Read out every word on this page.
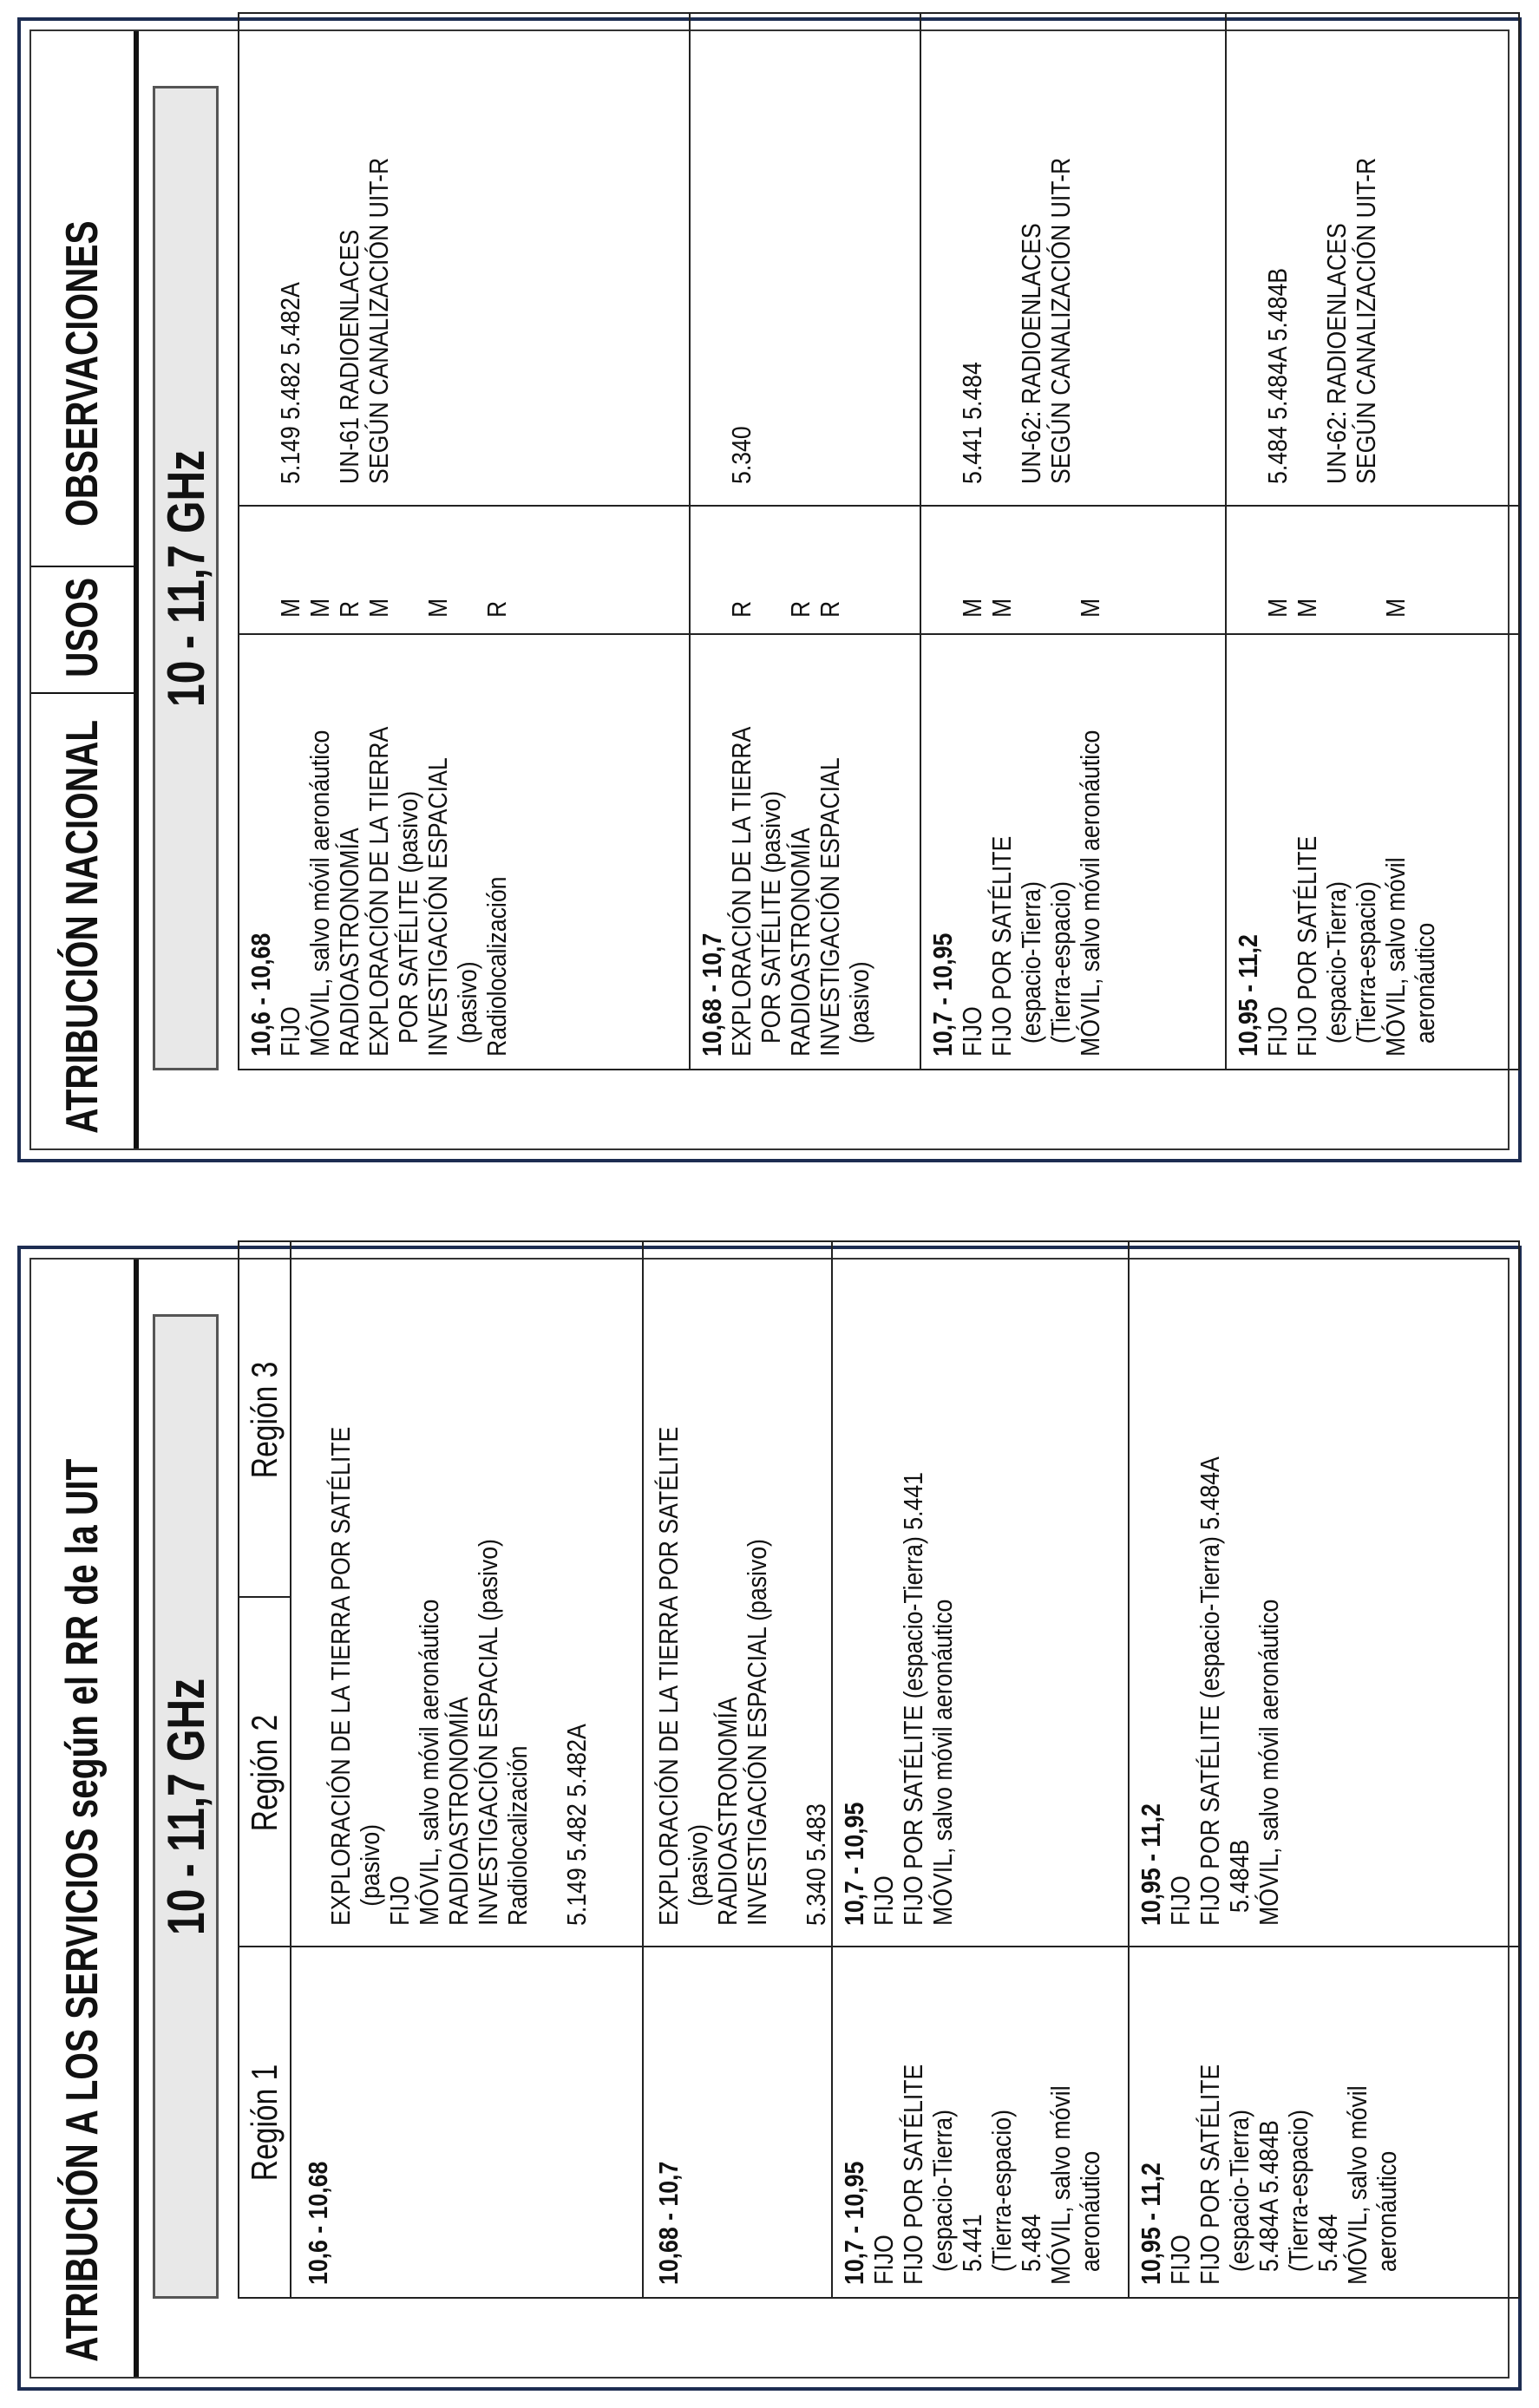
ATRIBUCIÓN A LOS SERVICIOS según el RR de la UIT 10 - 11,7 GHz
Región 1
Región 2
Región 3
10,6 - 10,68
EXPLORACIÓN DE LA TIERRA POR SATÉLITE (pasivo) FIJO MÓVIL, salvo móvil aeronáutico RADIOASTRONOMÍA INVESTIGACIÓN ESPACIAL (pasivo) Radiolocalización 5.149 5.482 5.482A
10,68 - 10,7
EXPLORACIÓN DE LA TIERRA POR SATÉLITE (pasivo) RADIOASTRONOMÍA INVESTIGACIÓN ESPACIAL (pasivo) 5.340 5.483
10,7 - 10,95 FIJO FIJO POR SATÉLITE (espacio-Tierra) 5.441 (Tierra-espacio) 5.484 MÓVIL, salvo móvil aeronáutico
10,7 - 10,95 FIJO FIJO POR SATÉLITE (espacio-Tierra) 5.441 MÓVIL, salvo móvil aeronáutico
10,95 - 11,2 FIJO FIJO POR SATÉLITE (espacio-Tierra) 5.484A 5.484B (Tierra-espacio) 5.484 MÓVIL, salvo móvil aeronáutico
10,95 - 11,2 FIJO FIJO POR SATÉLITE (espacio-Tierra) 5.484A 5.484B MÓVIL, salvo móvil aeronáutico
ATRIBUCIÓN NACIONAL
USOS
OBSERVACIONES
10 - 11,7 GHz
10,6 - 10,68 FIJO MÓVIL, salvo móvil aeronáutico RADIOASTRONOMÍA EXPLORACIÓN DE LA TIERRA POR SATÉLITE (pasivo) INVESTIGACIÓN ESPACIAL (pasivo) Radiolocalización
M M R M M R
5.149 5.482 5.482A UN-61 RADIOENLACES SEGÚN CANALIZACIÓN UIT-R
10,68 - 10,7 EXPLORACIÓN DE LA TIERRA POR SATÉLITE (pasivo) RADIOASTRONOMÍA INVESTIGACIÓN ESPACIAL (pasivo)
R R R
5.340
10,7 - 10,95 FIJO FIJO POR SATÉLITE (espacio-Tierra) (Tierra-espacio) MÓVIL, salvo móvil aeronáutico
M M M
5.441 5.484 UN-62: RADIOENLACES SEGÚN CANALIZACIÓN UIT-R
10,95 - 11,2 FIJO FIJO POR SATÉLITE (espacio-Tierra) (Tierra-espacio) MÓVIL, salvo móvil aeronáutico
M M M
5.484 5.484A 5.484B UN-62: RADIOENLACES SEGÚN CANALIZACIÓN UIT-R
